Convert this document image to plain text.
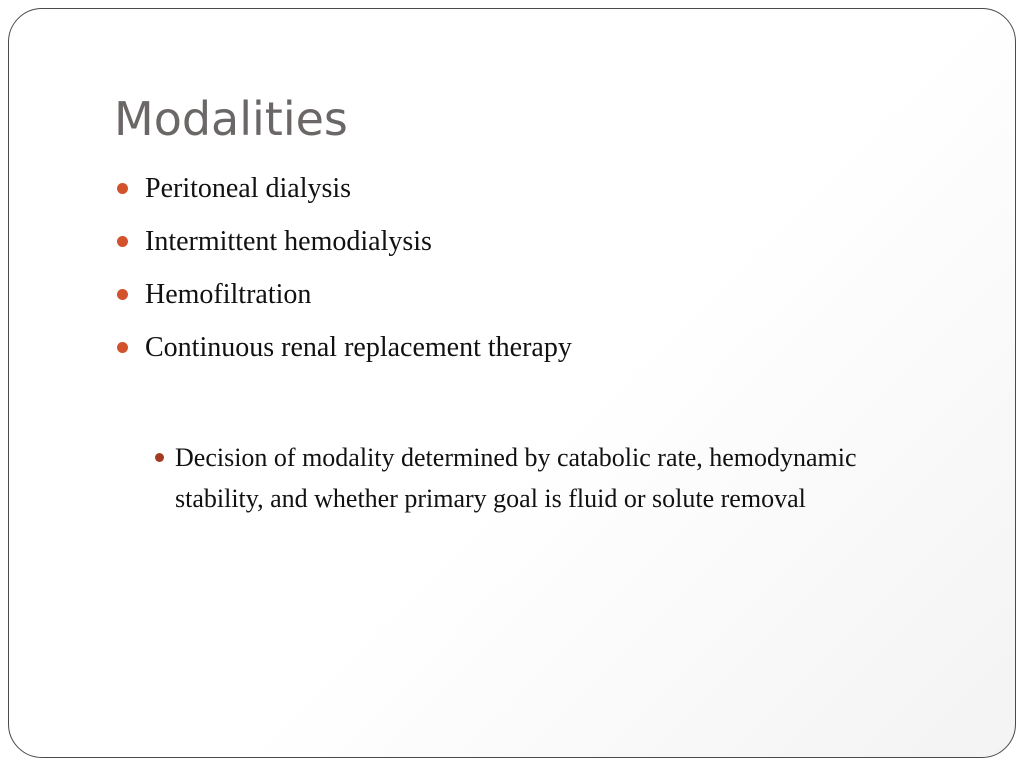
Modalities
Peritoneal dialysis
Intermittent hemodialysis
Hemofiltration
Continuous renal replacement therapy
Decision of modality determined by catabolic rate, hemodynamic stability, and whether primary goal is fluid or solute removal
